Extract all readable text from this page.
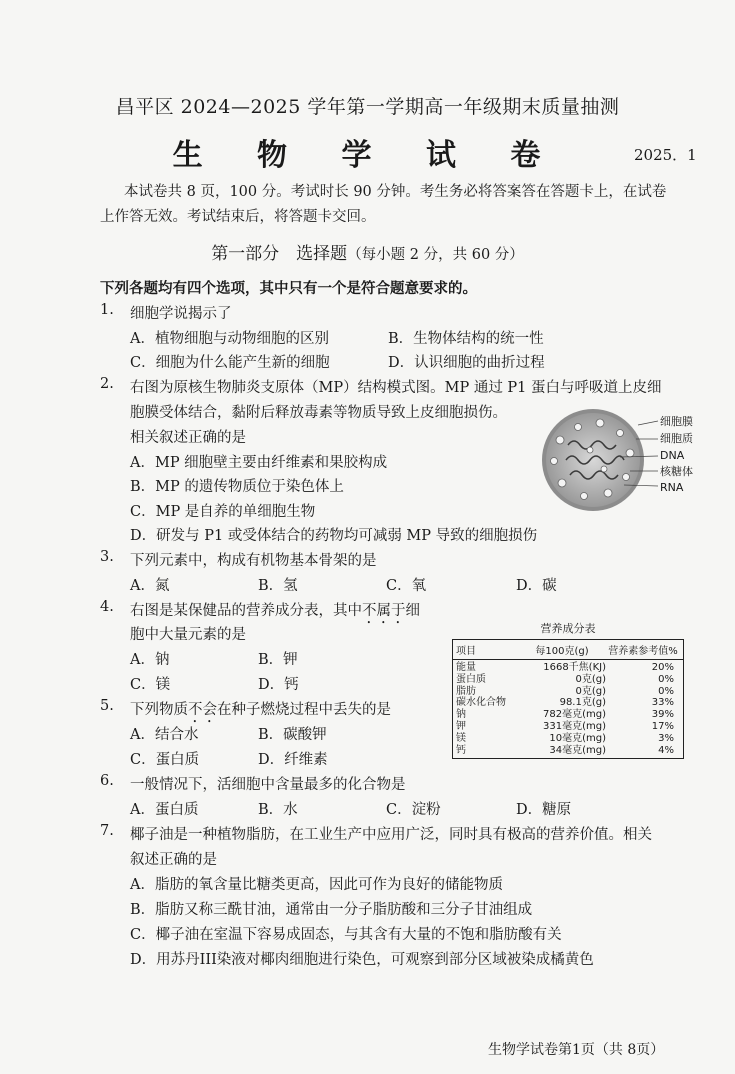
昌平区 2024—2025 学年第一学期高一年级期末质量抽测
生 物 学 试 卷	2025．1
本试卷共 8 页，100 分。考试时长 90 分钟。考生务必将答案答在答题卡上，在试卷
上作答无效。考试结束后，将答题卡交回。
第一部分　选择题（每小题 2 分，共 60 分）
下列各题均有四个选项，其中只有一个是符合题意要求的。
1. 细胞学说揭示了
A．植物细胞与动物细胞的区别	B．生物体结构的统一性
C．细胞为什么能产生新的细胞	D．认识细胞的曲折过程
2. 右图为原核生物肺炎支原体（MP）结构模式图。MP 通过 P1 蛋白与呼吸道上皮细
胞膜受体结合，黏附后释放毒素等物质导致上皮细胞损伤。
相关叙述正确的是
A．MP 细胞壁主要由纤维素和果胶构成
B．MP 的遗传物质位于染色体上
C．MP 是自养的单细胞生物
D．研发与 P1 或受体结合的药物均可减弱 MP 导致的细胞损伤
细胞膜
细胞质
DNA
核糖体
RNA
3. 下列元素中，构成有机物基本骨架的是
A．氮	B．氢	C．氧	D．碳
4. 右图是某保健品的营养成分表，其中不属于细
胞中大量元素的是
A．钠	B．钾
C．镁	D．钙
营养成分表
项目	每100克(g)	营养素参考值%
能量	1668千焦(KJ)	20%
蛋白质	0克(g)	0%
脂肪	0克(g)	0%
碳水化合物	98.1克(g)	33%
钠	782毫克(mg)	39%
钾	331毫克(mg)	17%
镁	10毫克(mg)	3%
钙	34毫克(mg)	4%
5. 下列物质不会在种子燃烧过程中丢失的是
A．结合水	B．碳酸钾
C．蛋白质	D．纤维素
6. 一般情况下，活细胞中含量最多的化合物是
A．蛋白质	B．水	C．淀粉	D．糖原
7. 椰子油是一种植物脂肪，在工业生产中应用广泛，同时具有极高的营养价值。相关
叙述正确的是
A．脂肪的氧含量比糖类更高，因此可作为良好的储能物质
B．脂肪又称三酰甘油，通常由一分子脂肪酸和三分子甘油组成
C．椰子油在室温下容易成固态，与其含有大量的不饱和脂肪酸有关
D．用苏丹III染液对椰肉细胞进行染色，可观察到部分区域被染成橘黄色
生物学试卷第1页（共 8页）
